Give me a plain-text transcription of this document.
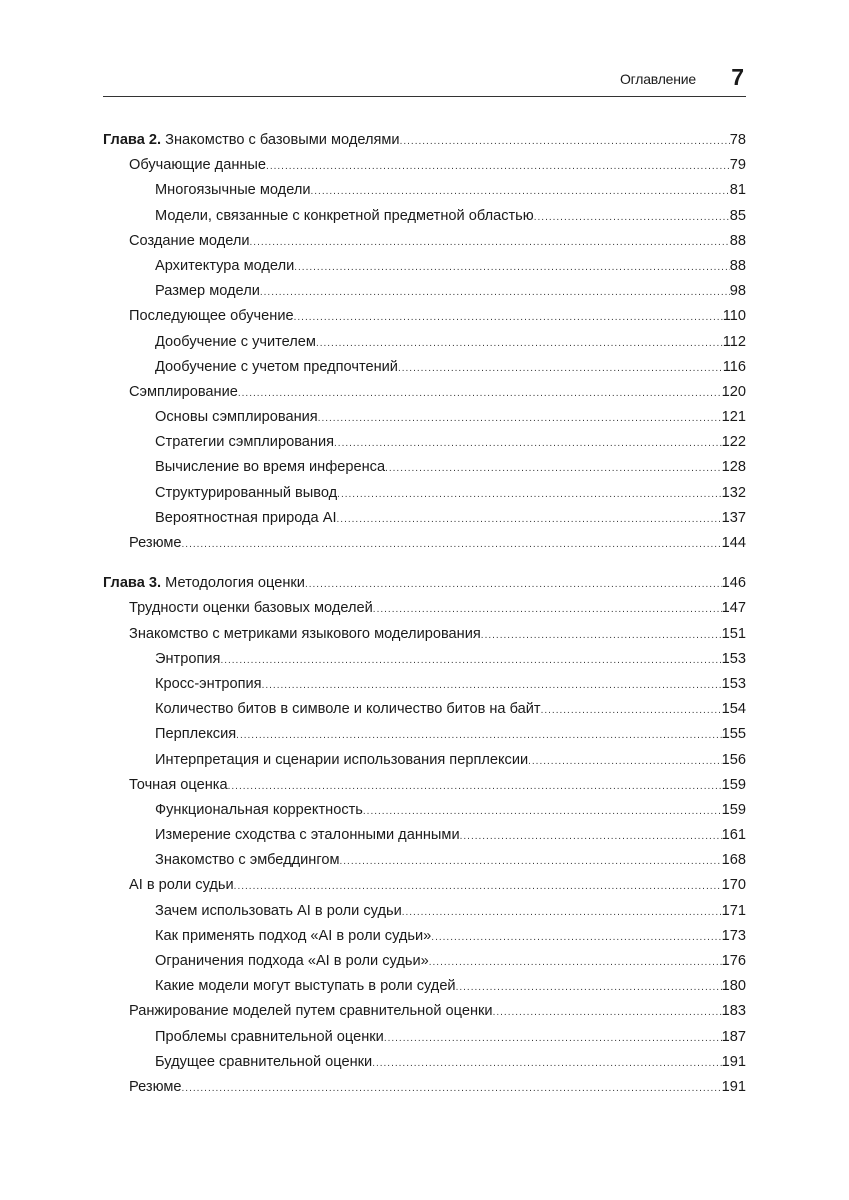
Оглавление 7
Глава 2. Знакомство с базовыми моделями .....	78
Обучающие данные .....	79
Многоязычные модели .....	81
Модели, связанные с конкретной предметной областью .....	85
Создание модели .....	88
Архитектура модели .....	88
Размер модели .....	98
Последующее обучение .....	110
Дообучение с учителем .....	112
Дообучение с учетом предпочтений .....	116
Сэмплирование .....	120
Основы сэмплирования .....	121
Стратегии сэмплирования .....	122
Вычисление во время инференса .....	128
Структурированный вывод .....	132
Вероятностная природа AI .....	137
Резюме .....	144
Глава 3. Методология оценки .....	146
Трудности оценки базовых моделей .....	147
Знакомство с метриками языкового моделирования .....	151
Энтропия .....	153
Кросс-энтропия .....	153
Количество битов в символе и количество битов на байт .....	154
Перплексия .....	155
Интерпретация и сценарии использования перплексии .....	156
Точная оценка .....	159
Функциональная корректность .....	159
Измерение сходства с эталонными данными .....	161
Знакомство с эмбеддингом .....	168
AI в роли судьи .....	170
Зачем использовать AI в роли судьи .....	171
Как применять подход «AI в роли судьи» .....	173
Ограничения подхода «AI в роли судьи» .....	176
Какие модели могут выступать в роли судей .....	180
Ранжирование моделей путем сравнительной оценки .....	183
Проблемы сравнительной оценки .....	187
Будущее сравнительной оценки .....	191
Резюме .....	191
